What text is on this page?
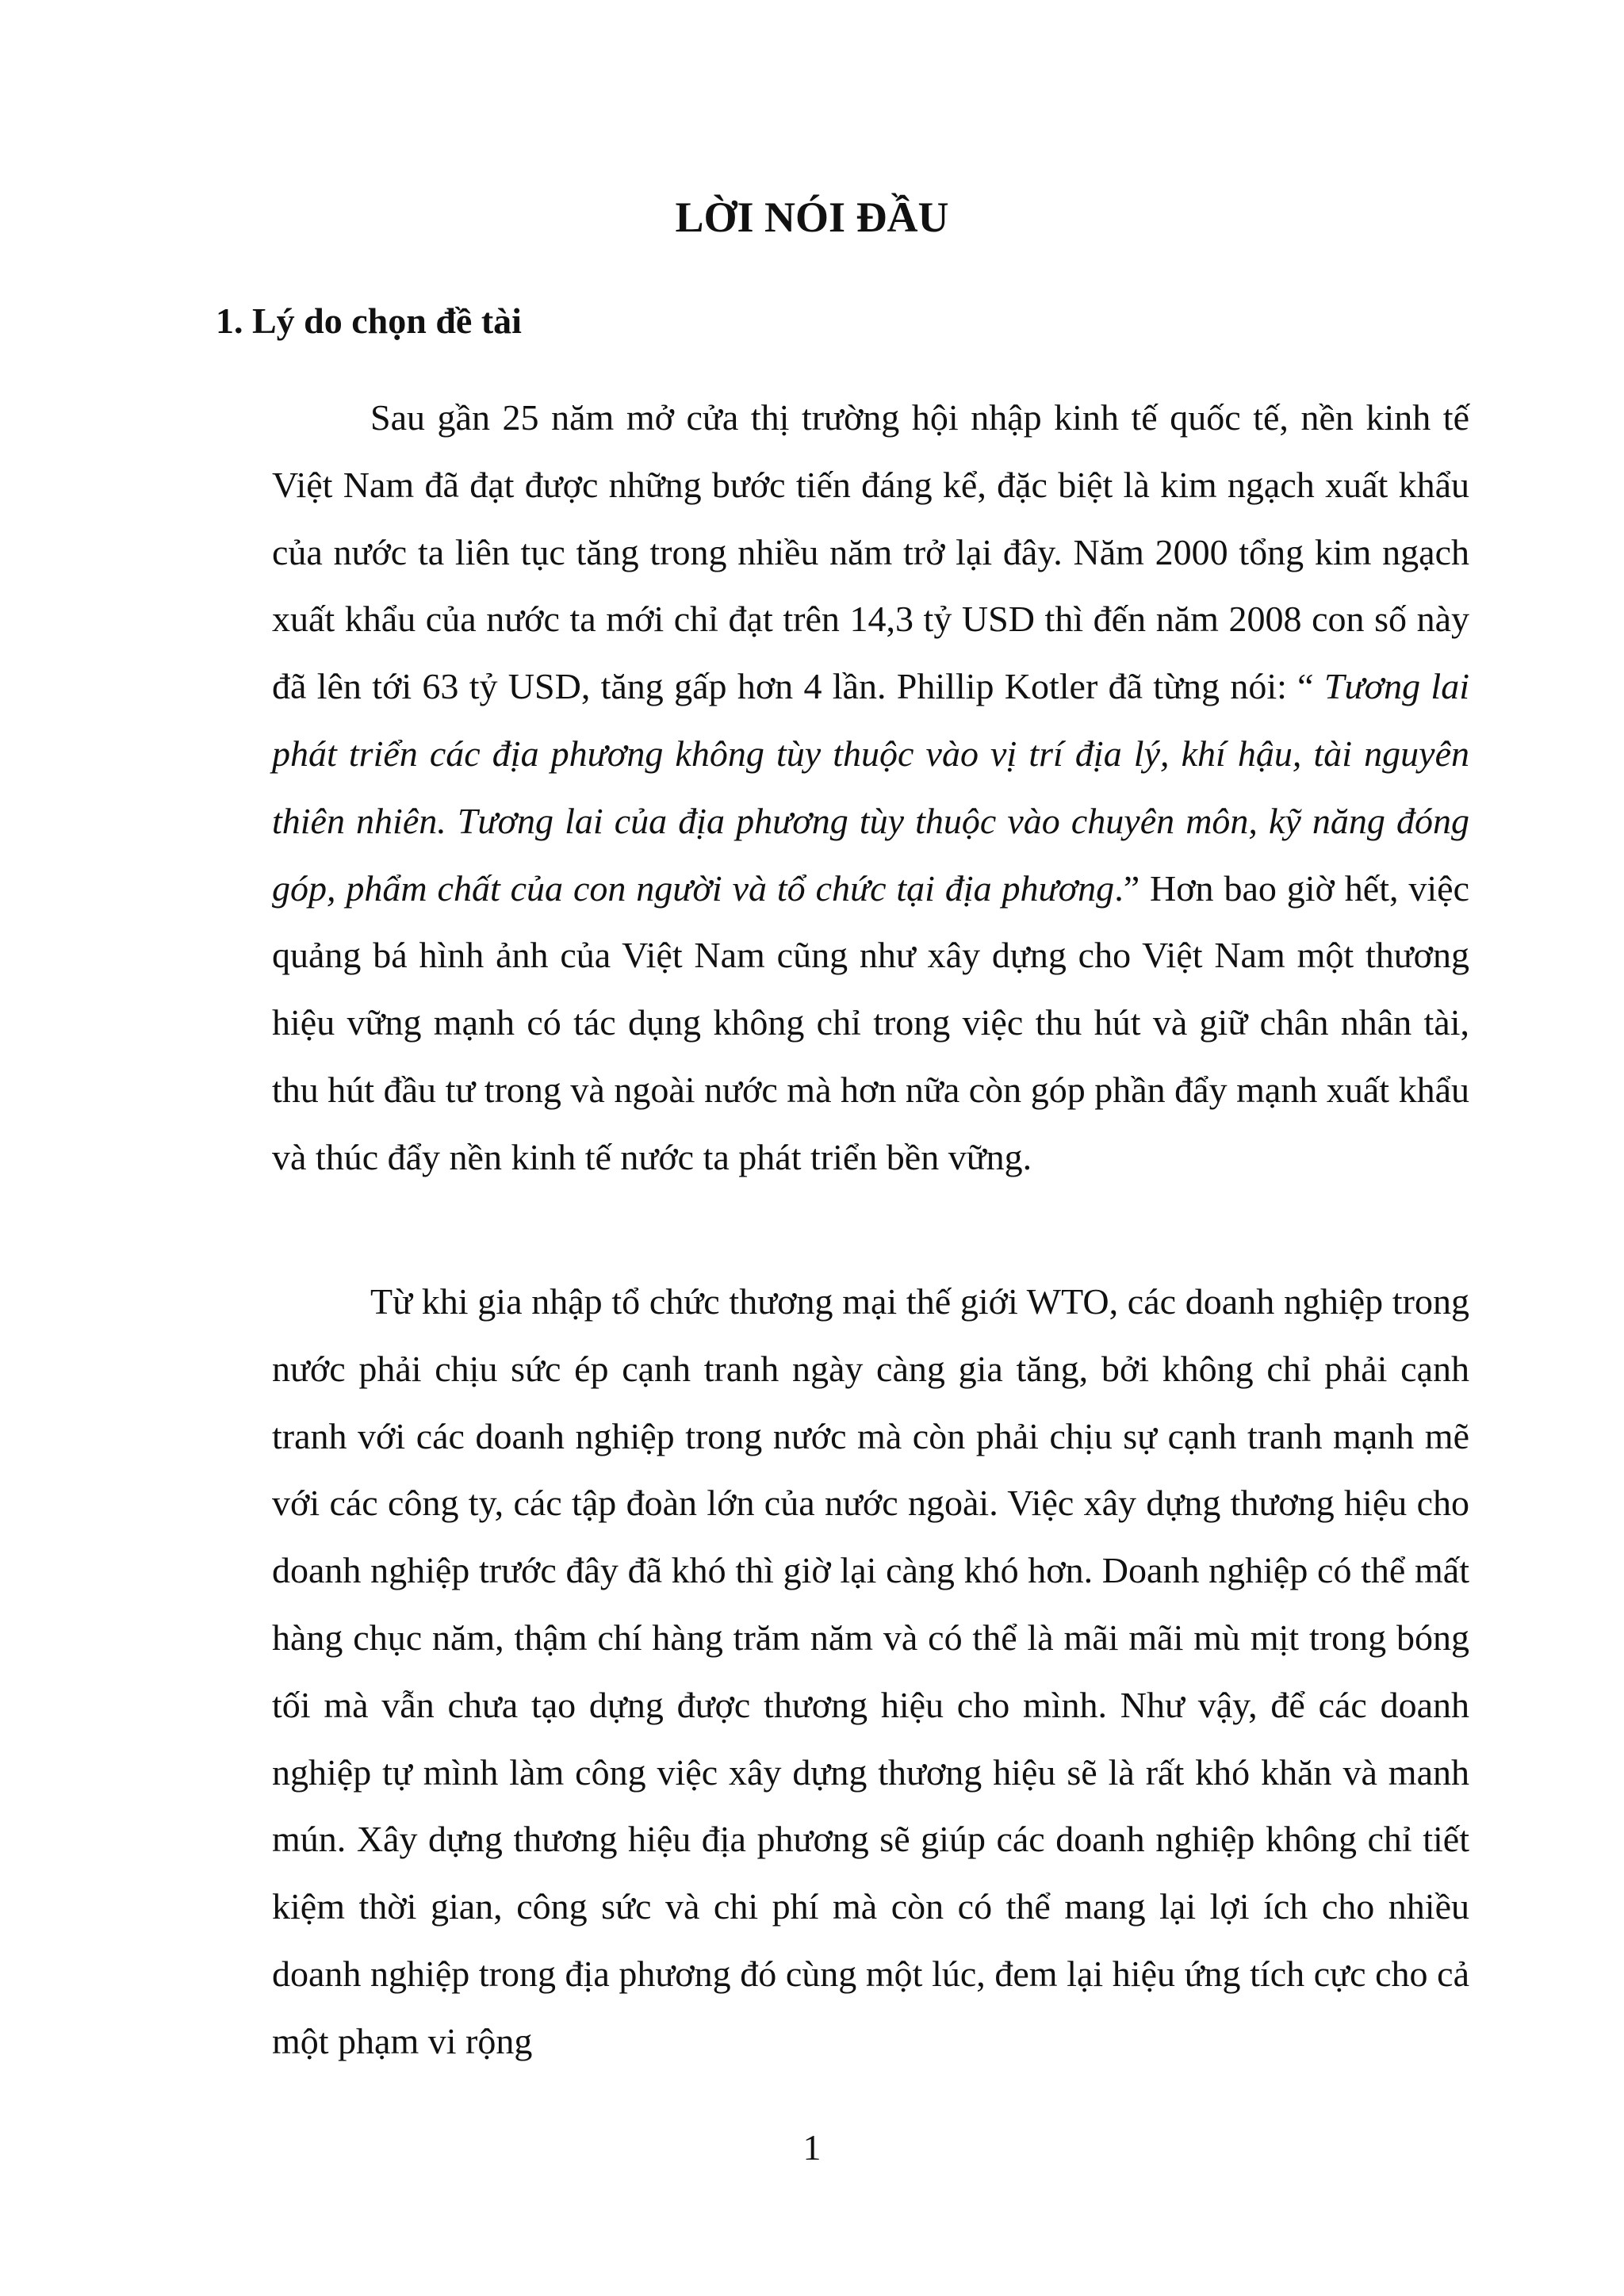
LỜI NÓI ĐẦU
1. Lý do chọn đề tài

Sau gần 25 năm mở cửa thị trường hội nhập kinh tế quốc tế, nền kinh tế Việt Nam đã đạt được những bước tiến đáng kể, đặc biệt là kim ngạch xuất khẩu của nước ta liên tục tăng trong nhiều năm trở lại đây. Năm 2000 tổng kim ngạch xuất khẩu của nước ta mới chỉ đạt trên 14,3 tỷ USD thì đến năm 2008 con số này đã lên tới 63 tỷ USD, tăng gấp hơn 4 lần. Phillip Kotler đã từng nói: “ Tương lai phát triển các địa phương không tùy thuộc vào vị trí địa lý, khí hậu, tài nguyên thiên nhiên. Tương lai của địa phương tùy thuộc vào chuyên môn, kỹ năng đóng góp, phẩm chất của con người và tổ chức tại địa phương.” Hơn bao giờ hết, việc quảng bá hình ảnh của Việt Nam cũng như xây dựng cho Việt Nam một thương hiệu vững mạnh có tác dụng không chỉ trong việc thu hút và giữ chân nhân tài, thu hút đầu tư trong và ngoài nước mà hơn nữa còn góp phần đẩy mạnh xuất khẩu và thúc đẩy nền kinh tế nước ta phát triển bền vững.

Từ khi gia nhập tổ chức thương mại thế giới WTO, các doanh nghiệp trong nước phải chịu sức ép cạnh tranh ngày càng gia tăng, bởi không chỉ phải cạnh tranh với các doanh nghiệp trong nước mà còn phải chịu sự cạnh tranh mạnh mẽ với các công ty, các tập đoàn lớn của nước ngoài. Việc xây dựng thương hiệu cho doanh nghiệp trước đây đã khó thì giờ lại càng khó hơn. Doanh nghiệp có thể mất hàng chục năm, thậm chí hàng trăm năm và có thể là mãi mãi mù mịt trong bóng tối mà vẫn chưa tạo dựng được thương hiệu cho mình. Như vậy, để các doanh nghiệp tự mình làm công việc xây dựng thương hiệu sẽ là rất khó khăn và manh mún. Xây dựng thương hiệu địa phương sẽ giúp các doanh nghiệp không chỉ tiết kiệm thời gian, công sức và chi phí mà còn có thể mang lại lợi ích cho nhiều doanh nghiệp trong địa phương đó cùng một lúc, đem lại hiệu ứng tích cực cho cả một phạm vi rộng

1
